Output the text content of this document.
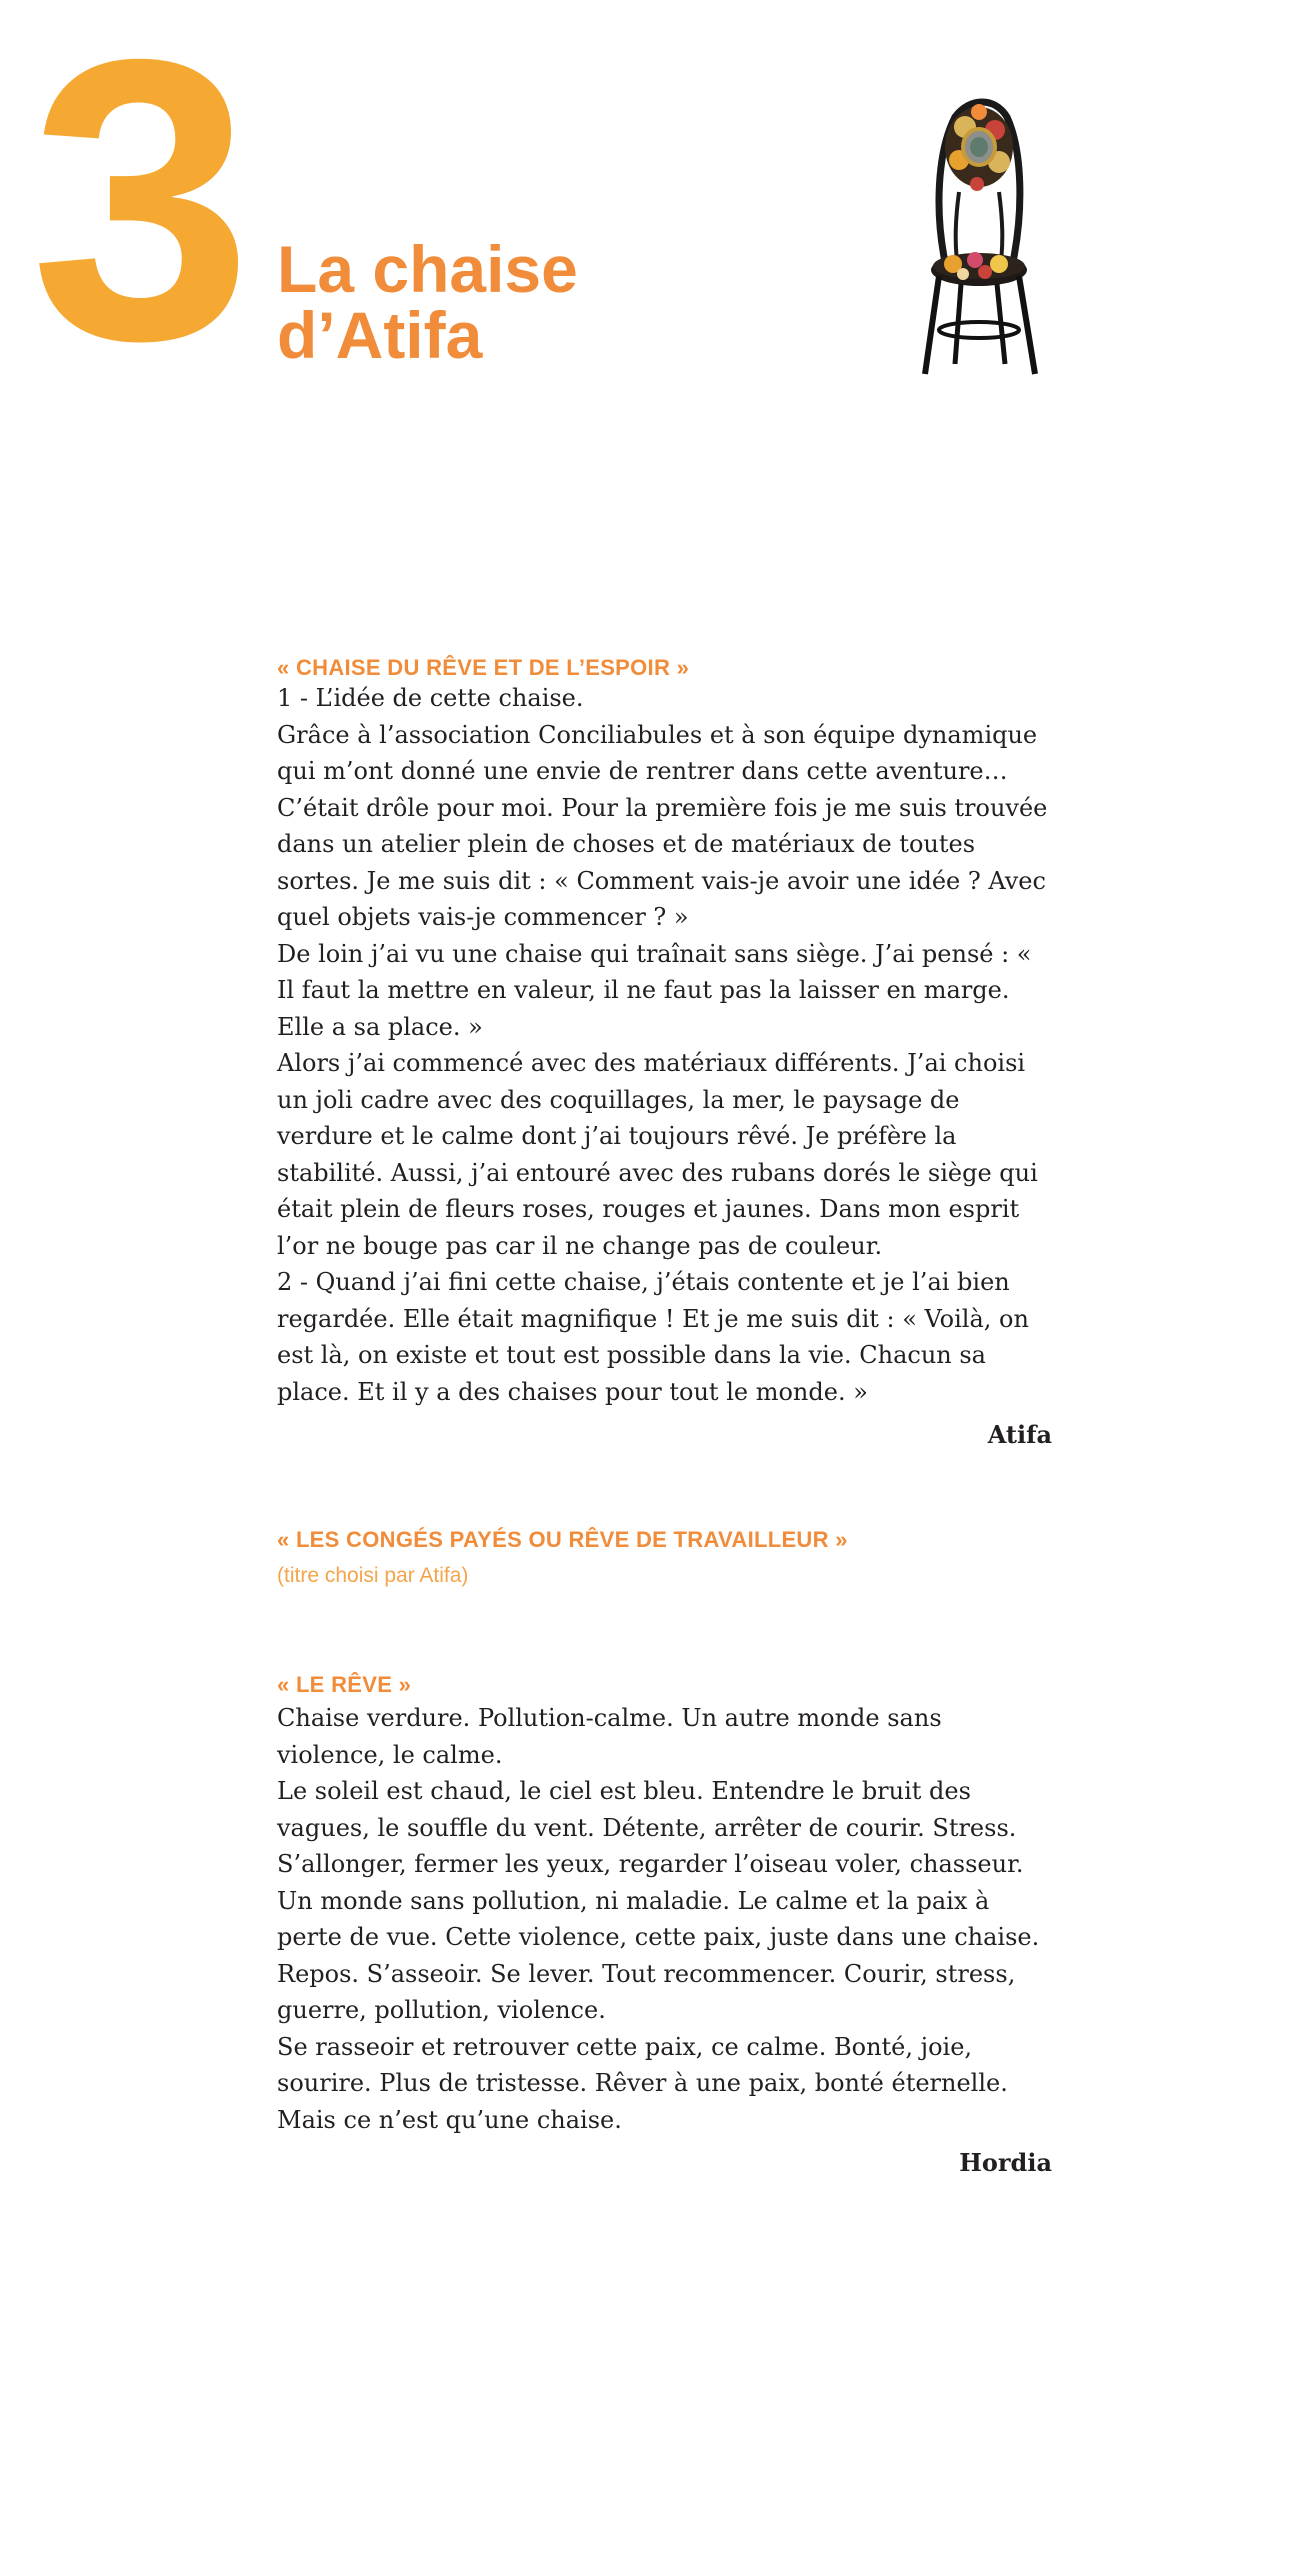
3 La chaise
d’Atifa
« CHAISE DU RÊVE ET DE L’ESPOIR »

1 - L’idée de cette chaise.

Grâce à l’association Conciliabules et à son équipe dynamique qui m’ont donné une envie de rentrer dans cette aventure…

C’était drôle pour moi. Pour la première fois je me suis trouvée dans un atelier plein de choses et de matériaux de toutes sortes. Je me suis dit : « Comment vais-je avoir une idée ? Avec quel objets vais-je commencer ? »

De loin j’ai vu une chaise qui traînait sans siège. J’ai pensé : « Il faut la mettre en valeur, il ne faut pas la laisser en marge. Elle a sa place. »

Alors j’ai commencé avec des matériaux différents. J’ai choisi un joli cadre avec des coquillages, la mer, le paysage de verdure et le calme dont j’ai toujours rêvé. Je préfère la stabilité. Aussi, j’ai entouré avec des rubans dorés le siège qui était plein de fleurs roses, rouges et jaunes. Dans mon esprit l’or ne bouge pas car il ne change pas de couleur.

2 - Quand j’ai fini cette chaise, j’étais contente et je l’ai bien regardée. Elle était magnifique ! Et je me suis dit : « Voilà, on est là, on existe et tout est possible dans la vie. Chacun sa place. Et il y a des chaises pour tout le monde. »

Atifa
« LES CONGÉS PAYÉS OU RÊVE DE TRAVAILLEUR »
(titre choisi par Atifa)
« LE RÊVE »

Chaise verdure. Pollution-calme. Un autre monde sans violence, le calme.

Le soleil est chaud, le ciel est bleu. Entendre le bruit des vagues, le souffle du vent. Détente, arrêter de courir. Stress. S’allonger, fermer les yeux, regarder l’oiseau voler, chasseur.

Un monde sans pollution, ni maladie. Le calme et la paix à perte de vue. Cette violence, cette paix, juste dans une chaise. Repos. S’asseoir. Se lever. Tout recommencer. Courir, stress, guerre, pollution, violence.

Se rasseoir et retrouver cette paix, ce calme. Bonté, joie, sourire. Plus de tristesse. Rêver à une paix, bonté éternelle.

Mais ce n’est qu’une chaise.

Hordia
